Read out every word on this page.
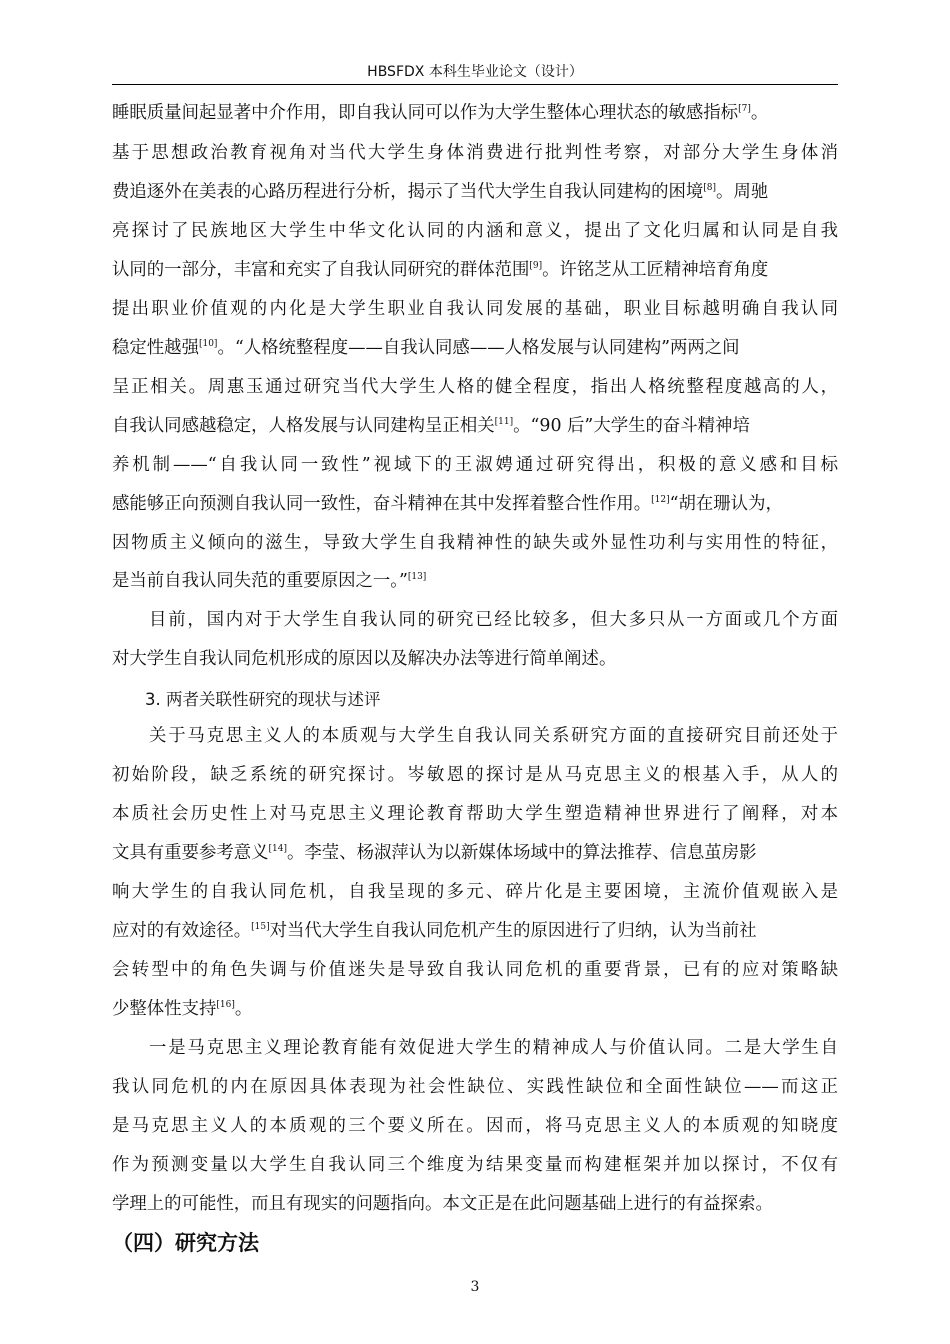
HBSFDX 本科生毕业论文（设计）
睡眠质量间起显著中介作用，即自我认同可以作为大学生整体心理状态的敏感指标[7]。
基于思想政治教育视角对当代大学生身体消费进行批判性考察，对部分大学生身体消
费追逐外在美表的心路历程进行分析，揭示了当代大学生自我认同建构的困境[8]。周驰
亮探讨了民族地区大学生中华文化认同的内涵和意义，提出了文化归属和认同是自我
认同的一部分，丰富和充实了自我认同研究的群体范围[9]。许铭芝从工匠精神培育角度
提出职业价值观的内化是大学生职业自我认同发展的基础，职业目标越明确自我认同
稳定性越强[10]。“人格统整程度——自我认同感——人格发展与认同建构”两两之间
呈正相关。周惠玉通过研究当代大学生人格的健全程度，指出人格统整程度越高的人，
自我认同感越稳定，人格发展与认同建构呈正相关[11]。“90 后”大学生的奋斗精神培
养机制——“自我认同一致性”视域下的王淑娉通过研究得出，积极的意义感和目标
感能够正向预测自我认同一致性，奋斗精神在其中发挥着整合性作用。[12]“胡在珊认为，
因物质主义倾向的滋生，导致大学生自我精神性的缺失或外显性功利与实用性的特征，
是当前自我认同失范的重要原因之一。”[13]
目前，国内对于大学生自我认同的研究已经比较多，但大多只从一方面或几个方面
对大学生自我认同危机形成的原因以及解决办法等进行简单阐述。
3. 两者关联性研究的现状与述评
关于马克思主义人的本质观与大学生自我认同关系研究方面的直接研究目前还处于
初始阶段，缺乏系统的研究探讨。岑敏恩的探讨是从马克思主义的根基入手，从人的
本质社会历史性上对马克思主义理论教育帮助大学生塑造精神世界进行了阐释，对本
文具有重要参考意义[14]。李莹、杨淑萍认为以新媒体场域中的算法推荐、信息茧房影
响大学生的自我认同危机，自我呈现的多元、碎片化是主要困境，主流价值观嵌入是
应对的有效途径。[15]对当代大学生自我认同危机产生的原因进行了归纳，认为当前社
会转型中的角色失调与价值迷失是导致自我认同危机的重要背景，已有的应对策略缺
少整体性支持[16]。
一是马克思主义理论教育能有效促进大学生的精神成人与价值认同。二是大学生自
我认同危机的内在原因具体表现为社会性缺位、实践性缺位和全面性缺位——而这正
是马克思主义人的本质观的三个要义所在。因而，将马克思主义人的本质观的知晓度
作为预测变量以大学生自我认同三个维度为结果变量而构建框架并加以探讨，不仅有
学理上的可能性，而且有现实的问题指向。本文正是在此问题基础上进行的有益探索。
（四）研究方法
3
